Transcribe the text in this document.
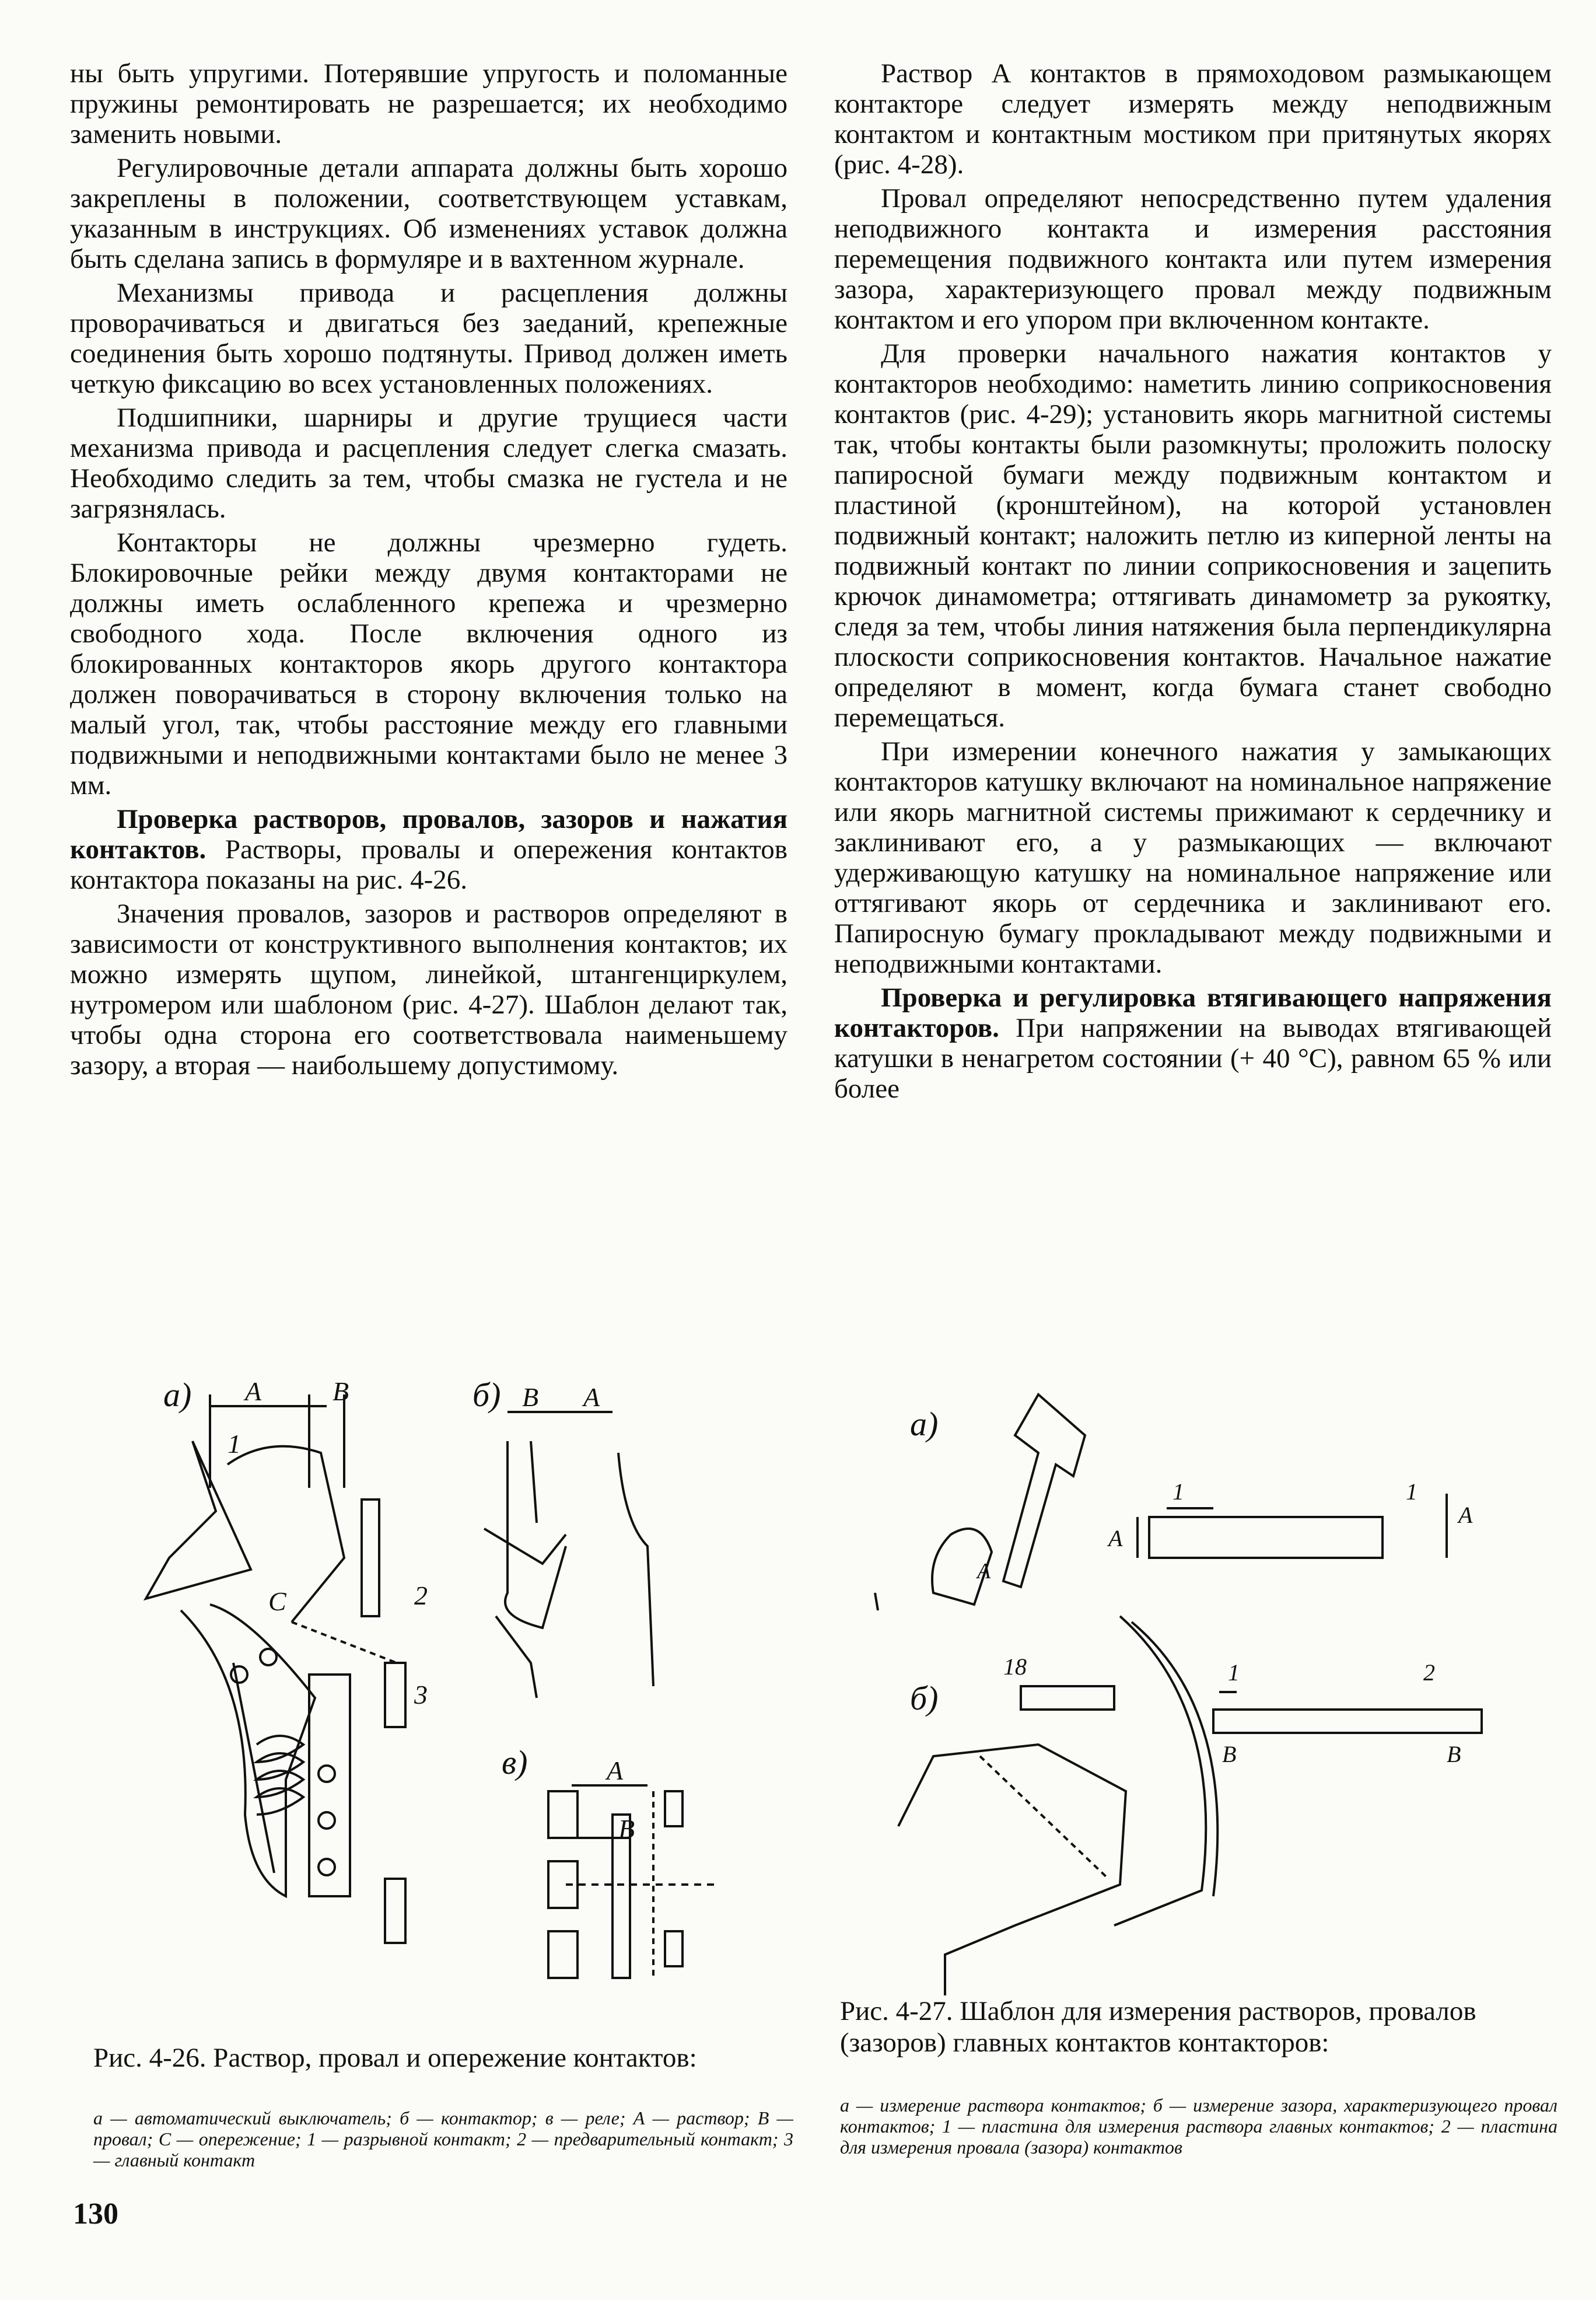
ны быть упругими. Потерявшие упругость и поломанные пружины ремонтировать не разрешается; их необходимо заменить новыми.

Регулировочные детали аппарата должны быть хорошо закреплены в положении, соответствующем уставкам, указанным в инструкциях. Об изменениях уставок должна быть сделана запись в формуляре и в вахтенном журнале.

Механизмы привода и расцепления должны проворачиваться и двигаться без заеданий, крепежные соединения быть хорошо подтянуты. Привод должен иметь четкую фиксацию во всех установленных положениях.

Подшипники, шарниры и другие трущиеся части механизма привода и расцепления следует слегка смазать. Необходимо следить за тем, чтобы смазка не густела и не загрязнялась.

Контакторы не должны чрезмерно гудеть. Блокировочные рейки между двумя контакторами не должны иметь ослабленного крепежа и чрезмерно свободного хода. После включения одного из блокированных контакторов якорь другого контактора должен поворачиваться в сторону включения только на малый угол, так, чтобы расстояние между его главными подвижными и неподвижными контактами было не менее 3 мм.

Проверка растворов, провалов, зазоров и нажатия контактов. Растворы, провалы и опережения контактов контактора показаны на рис. 4-26.

Значения провалов, зазоров и растворов определяют в зависимости от конструктивного выполнения контактов; их можно измерять щупом, линейкой, штангенциркулем, нутромером или шаблоном (рис. 4-27). Шаблон делают так, чтобы одна сторона его соответствовала наименьшему зазору, а вторая — наибольшему допустимому.

Раствор А контактов в прямоходовом размыкающем контакторе следует измерять между неподвижным контактом и контактным мостиком при притянутых якорях (рис. 4-28).

Провал определяют непосредственно путем удаления неподвижного контакта и измерения расстояния перемещения подвижного контакта или путем измерения зазора, характеризующего провал между подвижным контактом и его упором при включенном контакте.

Для проверки начального нажатия контактов у контакторов необходимо: наметить линию соприкосновения контактов (рис. 4-29); установить якорь магнитной системы так, чтобы контакты были разомкнуты; проложить полоску папиросной бумаги между подвижным контактом и пластиной (кронштейном), на которой установлен подвижный контакт; наложить петлю из киперной ленты на подвижный контакт по линии соприкосновения и зацепить крючок динамометра; оттягивать динамометр за рукоятку, следя за тем, чтобы линия натяжения была перпендикулярна плоскости соприкосновения контактов. Начальное нажатие определяют в момент, когда бумага станет свободно перемещаться.

При измерении конечного нажатия у замыкающих контакторов катушку включают на номинальное напряжение или якорь магнитной системы прижимают к сердечнику и заклинивают его, а у размыкающих — включают удерживающую катушку на номинальное напряжение или оттягивают якорь от сердечника и заклинивают его. Папиросную бумагу прокладывают между подвижными и неподвижными контактами.

Проверка и регулировка втягивающего напряжения контакторов. При напряжении на выводах втягивающей катушки в ненагретом состоянии (+ 40 °С), равном 65 % или более

а) A	B
C
1
2
3
б) B A
в)	A
B
Рис. 4-26. Раствор, провал и опережение контактов:
а — автоматический выключатель; б — контактор; в — реле; А — раствор; В — провал; С — опережение; 1 — разрывной контакт; 2 — предварительный контакт; 3 — главный контакт
а)
A
1	1
A
A
б)
18	1	2
B	B
Рис. 4-27. Шаблон для измерения растворов, провалов (зазоров) главных контактов контакторов:
а — измерение раствора контактов; б — измерение зазора, характеризующего провал контактов; 1 — пластина для измерения раствора главных контактов; 2 — пластина для измерения провала (зазора) контактов
130
